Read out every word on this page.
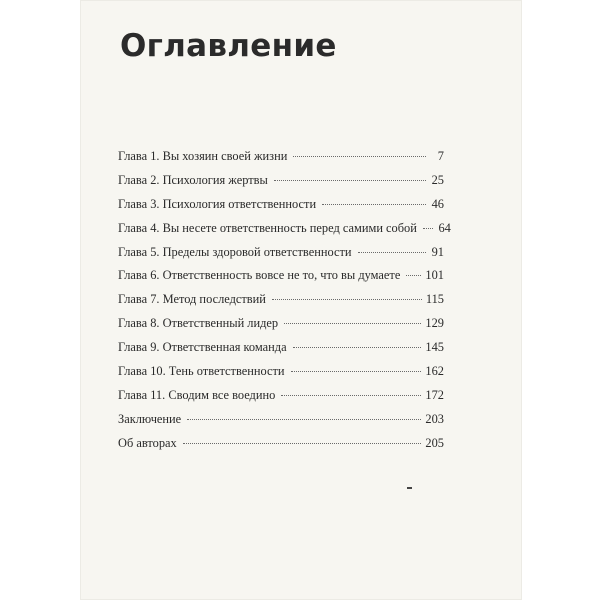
Оглавление
Глава 1. Вы хозяин своей жизни	7
Глава 2. Психология жертвы	25
Глава 3. Психология ответственности	46
Глава 4. Вы несете ответственность перед самими собой 64
Глава 5. Пределы здоровой ответственности	91
Глава 6. Ответственность вовсе не то, что вы думаете 101
Глава 7. Метод последствий	115
Глава 8. Ответственный лидер	129
Глава 9. Ответственная команда	145
Глава 10. Тень ответственности	162
Глава 11. Сводим все воедино	172
Заключение	203
Об авторах	205
